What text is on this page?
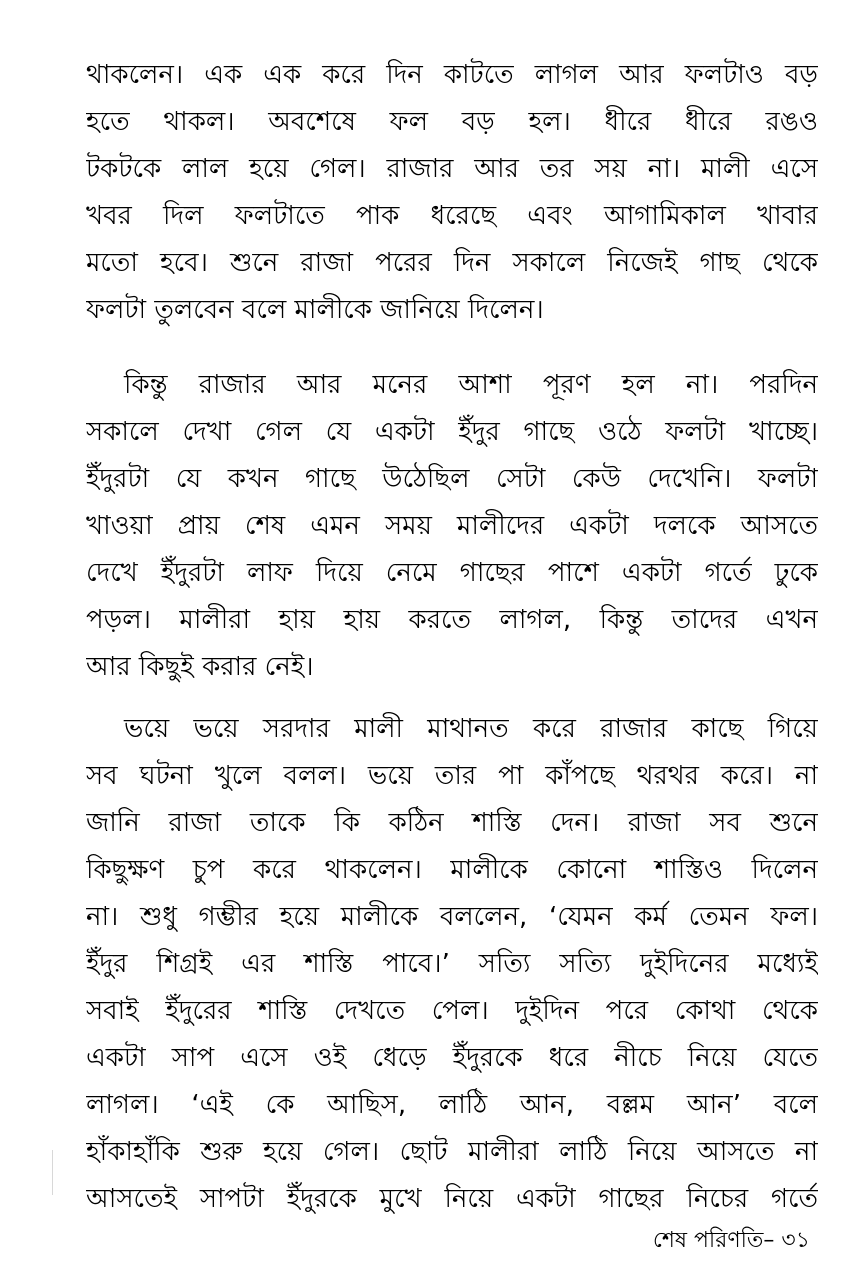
থাকলেন। এক এক করে দিন কাটতে লাগল আর ফলটাও বড়
হতে থাকল। অবশেষে ফল বড় হল। ধীরে ধীরে রঙও
টকটকে লাল হয়ে গেল। রাজার আর তর সয় না। মালী এসে
খবর দিল ফলটাতে পাক ধরেছে এবং আগামিকাল খাবার
মতো হবে। শুনে রাজা পরের দিন সকালে নিজেই গাছ থেকে
ফলটা তুলবেন বলে মালীকে জানিয়ে দিলেন।
কিন্তু রাজার আর মনের আশা পূরণ হল না। পরদিন
সকালে দেখা গেল যে একটা ইঁদুর গাছে ওঠে ফলটা খাচ্ছে।
ইঁদুরটা যে কখন গাছে উঠেছিল সেটা কেউ দেখেনি। ফলটা
খাওয়া প্রায় শেষ এমন সময় মালীদের একটা দলকে আসতে
দেখে ইঁদুরটা লাফ দিয়ে নেমে গাছের পাশে একটা গর্তে ঢুকে
পড়ল। মালীরা হায় হায় করতে লাগল, কিন্তু তাদের এখন
আর কিছুই করার নেই।
ভয়ে ভয়ে সরদার মালী মাথানত করে রাজার কাছে গিয়ে
সব ঘটনা খুলে বলল। ভয়ে তার পা কাঁপছে থরথর করে। না
জানি রাজা তাকে কি কঠিন শাস্তি দেন। রাজা সব শুনে
কিছুক্ষণ চুপ করে থাকলেন। মালীকে কোনো শাস্তিও দিলেন
না। শুধু গম্ভীর হয়ে মালীকে বললেন, ‘যেমন কর্ম তেমন ফল।
ইঁদুর শিগ্রই এর শাস্তি পাবে।’ সত্যি সত্যি দুইদিনের মধ্যেই
সবাই ইঁদুরের শাস্তি দেখতে পেল। দুইদিন পরে কোথা থেকে
একটা সাপ এসে ওই ধেড়ে ইঁদুরকে ধরে নীচে নিয়ে যেতে
লাগল। ‘এই কে আছিস, লাঠি আন, বল্লম আন’ বলে
হাঁকাহাঁকি শুরু হয়ে গেল। ছোট মালীরা লাঠি নিয়ে আসতে না
আসতেই সাপটা ইঁদুরকে মুখে নিয়ে একটা গাছের নিচের গর্তে
শেষ পরিণতি– ৩১
